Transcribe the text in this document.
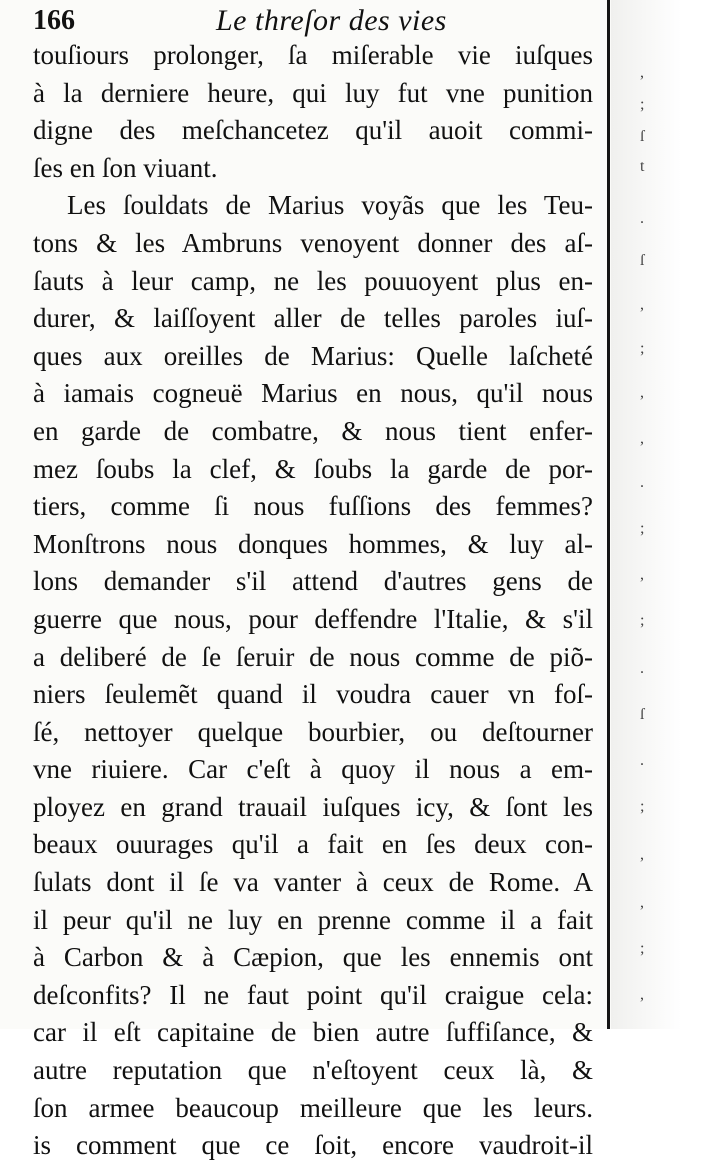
166	Le threſor des vies
touſiours prolonger, ſa miſerable vie iuſques
à la derniere heure, qui luy fut vne punition
digne des meſchancetez qu'il auoit commi-
ſes en ſon viuant.
Les ſouldats de Marius voyãs que les Teu-
tons & les Ambruns venoyent donner des aſ-
ſauts à leur camp, ne les pouuoyent plus en-
durer, & laiſſoyent aller de telles paroles iuſ-
ques aux oreilles de Marius: Quelle laſcheté
à iamais cogneuë Marius en nous, qu'il nous
en garde de combatre, & nous tient enfer-
mez ſoubs la clef, & ſoubs la garde de por-
tiers, comme ſi nous fuſſions des femmes?
Monſtrons nous donques hommes, & luy al-
lons demander s'il attend d'autres gens de
guerre que nous, pour deffendre l'Italie, & s'il
a deliberé de ſe ſeruir de nous comme de piõ-
niers ſeulemẽt quand il voudra cauer vn foſ-
ſé, nettoyer quelque bourbier, ou deſtourner
vne riuiere. Car c'eſt à quoy il nous a em-
ployez en grand trauail iuſques icy, & ſont les
beaux ouurages qu'il a fait en ſes deux con-
ſulats dont il ſe va vanter à ceux de Rome. A
il peur qu'il ne luy en prenne comme il a fait
à Carbon & à Cæpion, que les ennemis ont
deſconfits? Il ne faut point qu'il craigue cela:
car il eſt capitaine de bien autre ſuffiſance, &
autre reputation que n'eſtoyent ceux là, &
ſon armee beaucoup meilleure que les leurs.
is comment que ce ſoit, encore vaudroit-il
,
;
ſ
t
.
ſ
,
;
,
,
.
;
,
;
.
ſ
.
;
,
,
;
,
